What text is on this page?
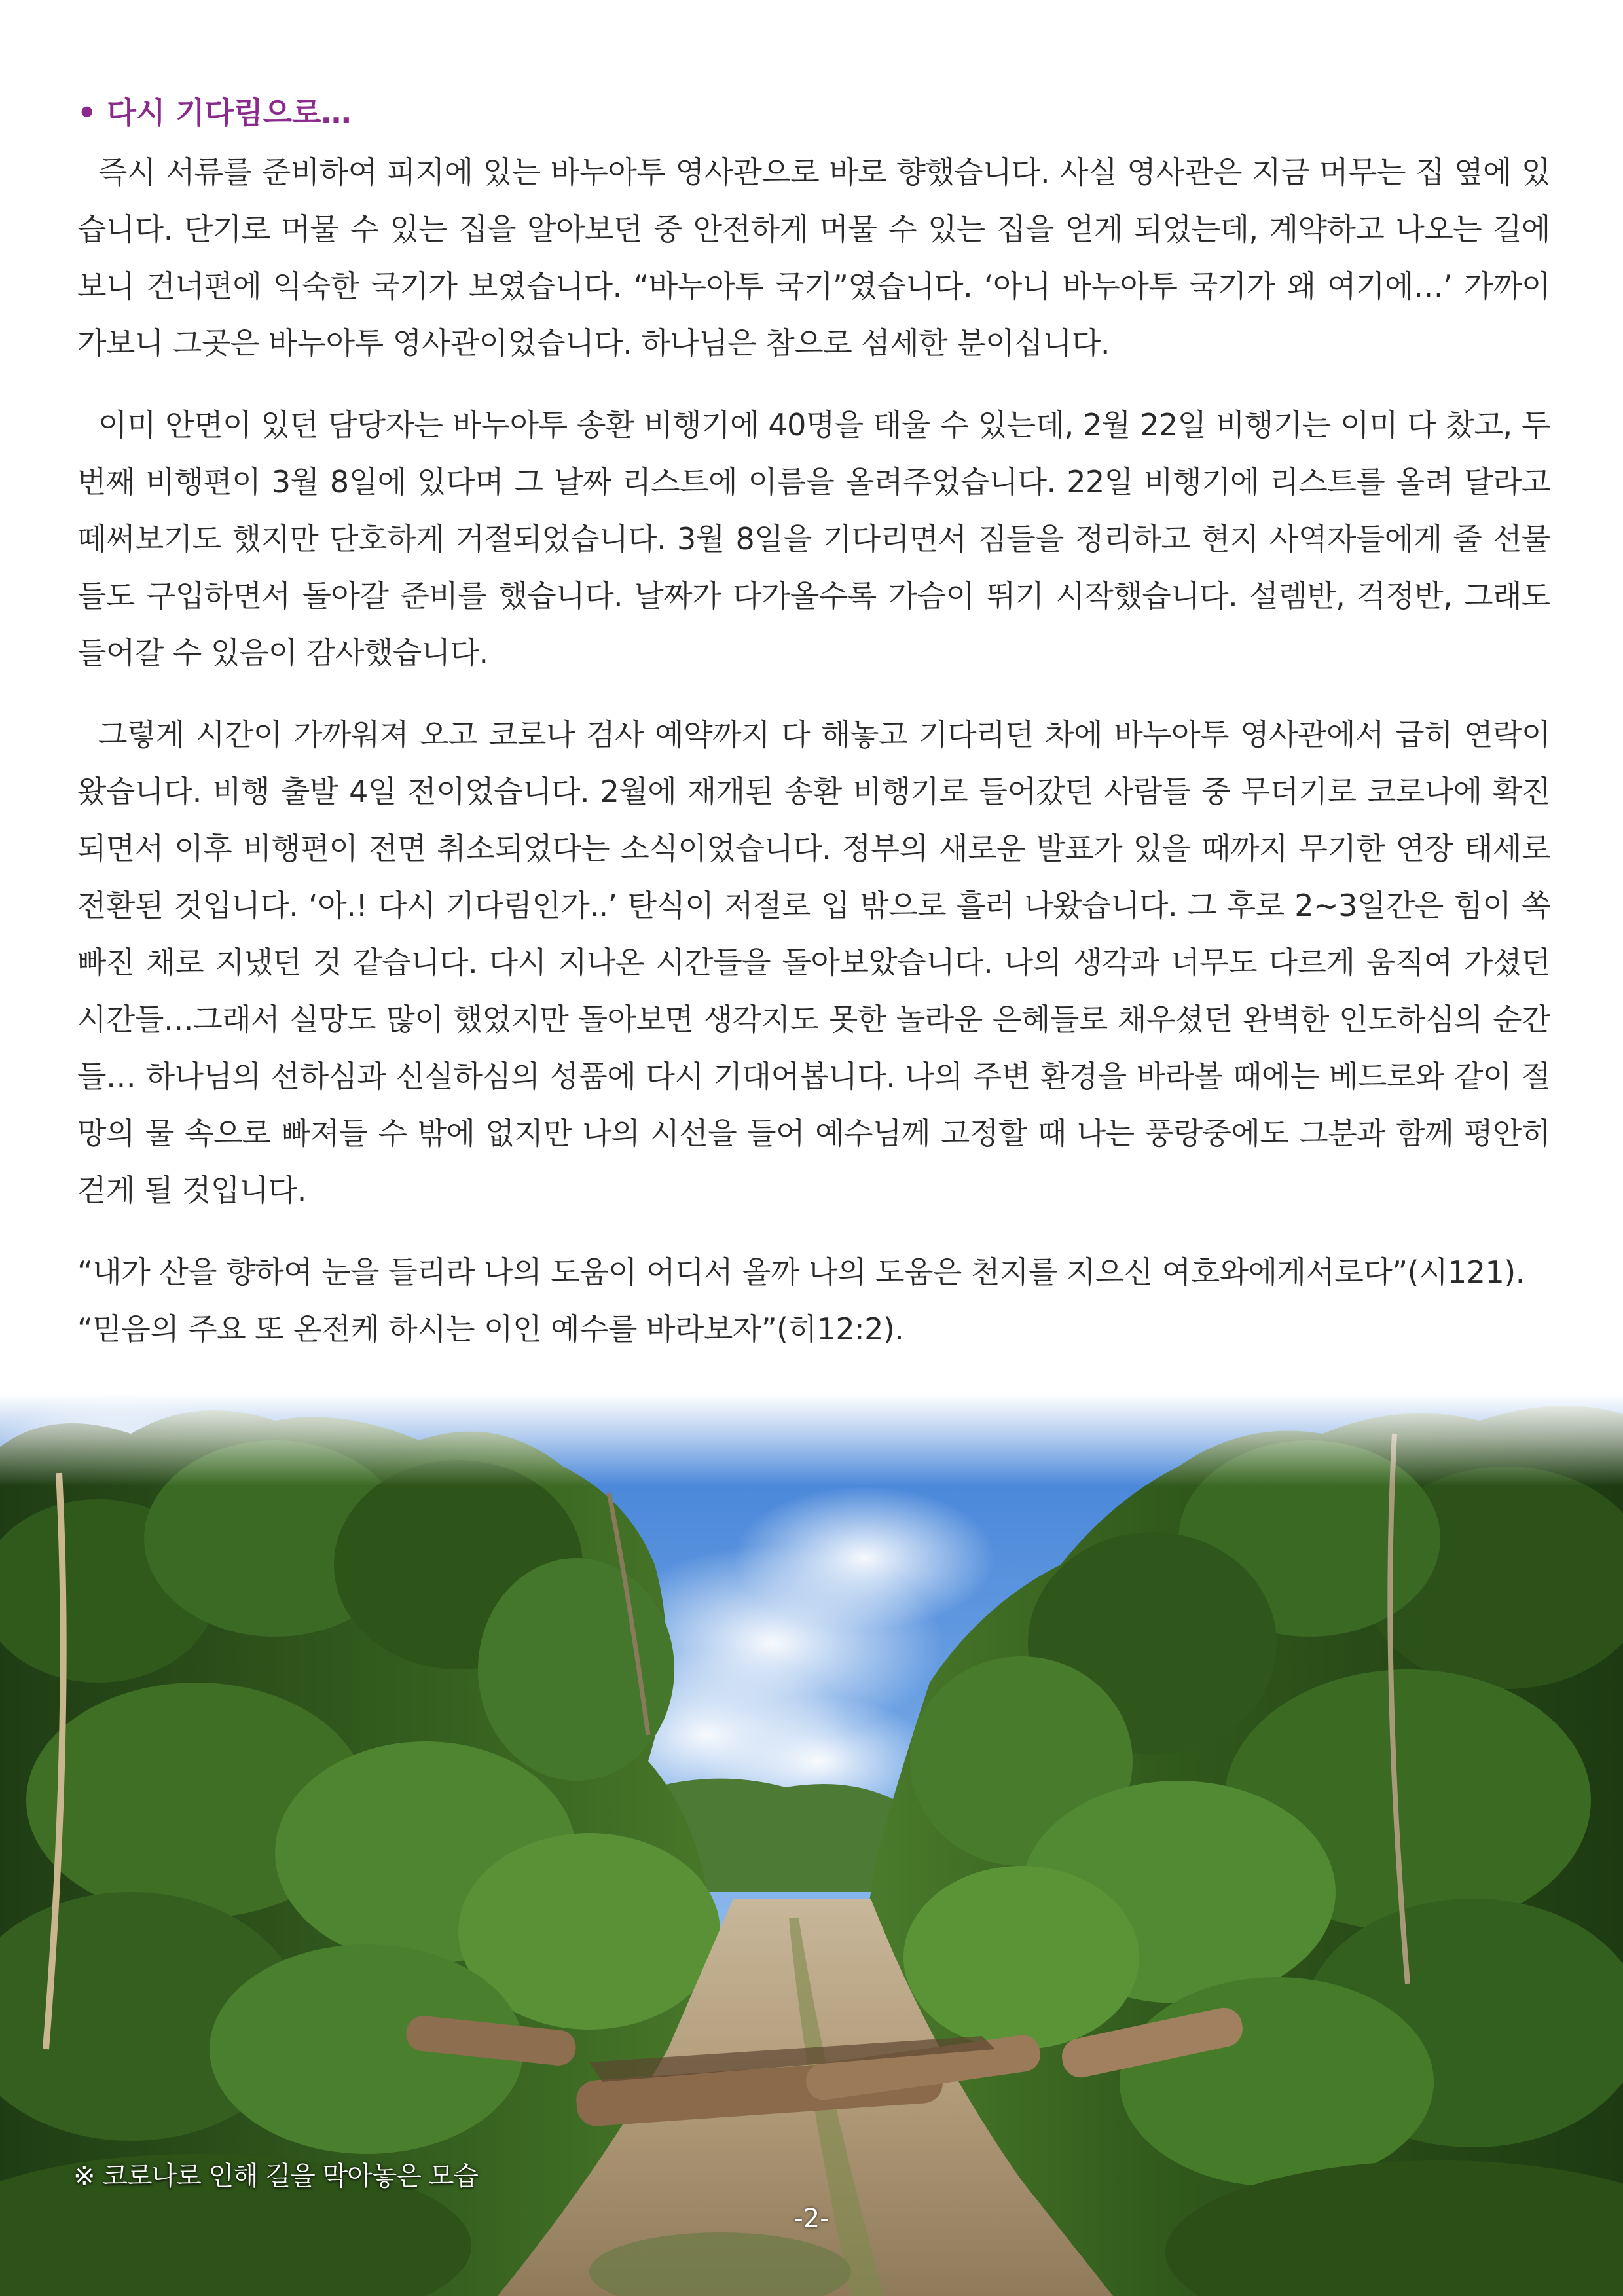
• 다시 기다림으로…

즉시 서류를 준비하여 피지에 있는 바누아투 영사관으로 바로 향했습니다. 사실 영사관은 지금 머무는 집 옆에 있습니다. 단기로 머물 수 있는 집을 알아보던 중 안전하게 머물 수 있는 집을 얻게 되었는데, 계약하고 나오는 길에 보니 건너편에 익숙한 국기가 보였습니다. “바누아투 국기”였습니다. ‘아니 바누아투 국기가 왜 여기에…’ 가까이 가보니 그곳은 바누아투 영사관이었습니다. 하나님은 참으로 섬세한 분이십니다.

이미 안면이 있던 담당자는 바누아투 송환 비행기에 40명을 태울 수 있는데, 2월 22일 비행기는 이미 다 찼고, 두 번째 비행편이 3월 8일에 있다며 그 날짜 리스트에 이름을 올려주었습니다. 22일 비행기에 리스트를 올려 달라고 떼써보기도 했지만 단호하게 거절되었습니다. 3월 8일을 기다리면서 짐들을 정리하고 현지 사역자들에게 줄 선물들도 구입하면서 돌아갈 준비를 했습니다. 날짜가 다가올수록 가슴이 뛰기 시작했습니다. 설렘반, 걱정반, 그래도 들어갈 수 있음이 감사했습니다.

그렇게 시간이 가까워져 오고 코로나 검사 예약까지 다 해놓고 기다리던 차에 바누아투 영사관에서 급히 연락이 왔습니다. 비행 출발 4일 전이었습니다. 2월에 재개된 송환 비행기로 들어갔던 사람들 중 무더기로 코로나에 확진되면서 이후 비행편이 전면 취소되었다는 소식이었습니다. 정부의 새로운 발표가 있을 때까지 무기한 연장 태세로 전환된 것입니다. ‘아.! 다시 기다림인가..’ 탄식이 저절로 입 밖으로 흘러 나왔습니다. 그 후로 2~3일간은 힘이 쏙 빠진 채로 지냈던 것 같습니다. 다시 지나온 시간들을 돌아보았습니다. 나의 생각과 너무도 다르게 움직여 가셨던 시간들…그래서 실망도 많이 했었지만 돌아보면 생각지도 못한 놀라운 은혜들로 채우셨던 완벽한 인도하심의 순간들… 하나님의 선하심과 신실하심의 성품에 다시 기대어봅니다. 나의 주변 환경을 바라볼 때에는 베드로와 같이 절망의 물 속으로 빠져들 수 밖에 없지만 나의 시선을 들어 예수님께 고정할 때 나는 풍랑중에도 그분과 함께 평안히 걷게 될 것입니다.

“내가 산을 향하여 눈을 들리라 나의 도움이 어디서 올까 나의 도움은 천지를 지으신 여호와에게서로다”(시121).
“믿음의 주요 또 온전케 하시는 이인 예수를 바라보자”(히12:2).

※ 코로나로 인해 길을 막아놓은 모습
-2-
